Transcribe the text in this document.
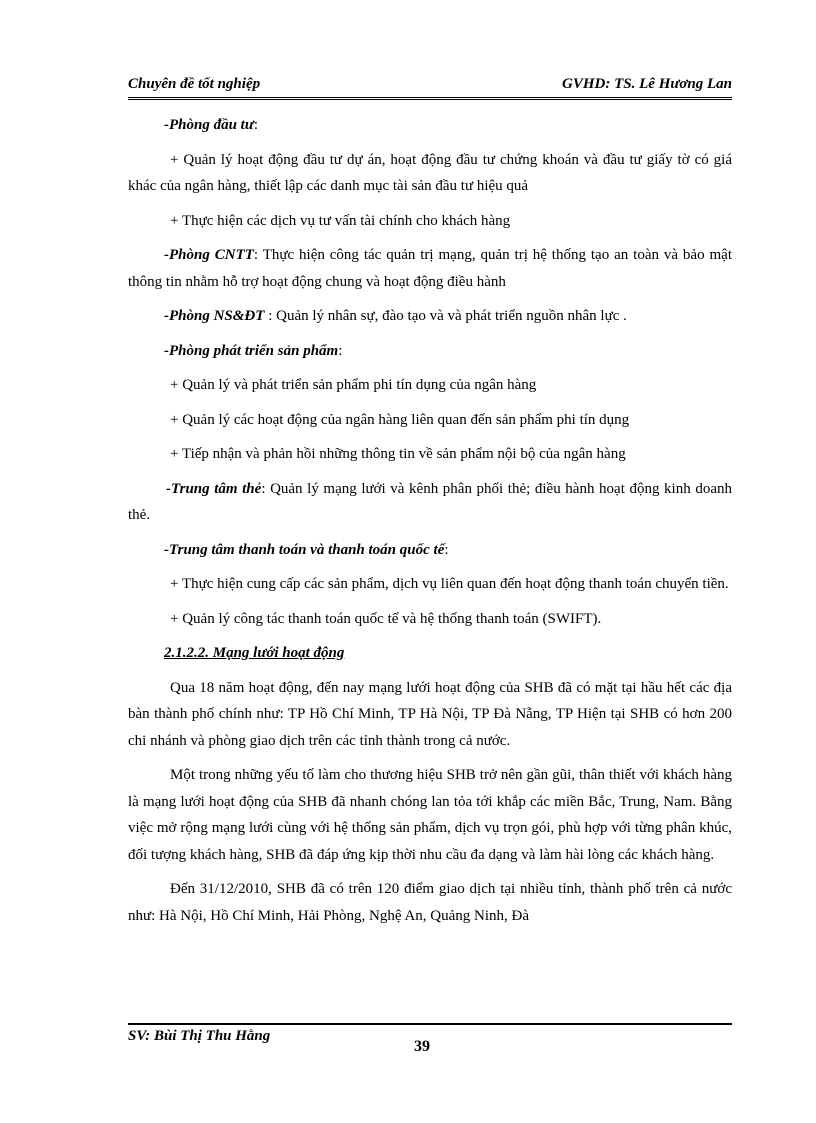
Chuyên đề tốt nghiệp	GVHD: TS. Lê Hương Lan

-Phòng đầu tư:

+ Quản lý hoạt động đầu tư dự án, hoạt động đầu tư chứng khoán và đầu tư giấy tờ có giá khác của ngân hàng, thiết lập các danh mục tài sản đầu tư hiệu quả

+ Thực hiện các dịch vụ tư vấn tài chính cho khách hàng

-Phòng CNTT: Thực hiện công tác quản trị mạng, quản trị hệ thống tạo an toàn và bảo mật thông tin nhằm hỗ trợ hoạt động chung và hoạt động điều hành

-Phòng NS&ĐT : Quản lý nhân sự, đào tạo và và phát triển nguồn nhân lực .

-Phòng phát triển sản phẩm:

+ Quản lý và phát triển sản phẩm phi tín dụng của ngân hàng

+ Quản lý các hoạt động của ngân hàng liên quan đến sản phẩm phi tín dụng

+ Tiếp nhận và phản hồi những thông tin về sản phẩm nội bộ của ngân hàng

-Trung tâm thẻ: Quản lý mạng lưới và kênh phân phối thẻ; điều hành hoạt động kinh doanh thẻ.

-Trung tâm thanh toán và thanh toán quốc tế:

+ Thực hiện cung cấp các sản phẩm, dịch vụ liên quan đến hoạt động thanh toán chuyển tiền.

+ Quản lý công tác thanh toán quốc tế và hệ thống thanh toán (SWIFT).

2.1.2.2. Mạng lưới hoạt động

Qua 18 năm hoạt động, đến nay mạng lưới hoạt động của SHB đã có mặt tại hầu hết các địa bàn thành phố chính như: TP Hồ Chí Minh, TP Hà Nội, TP Đà Nẵng, TP Hiện tại SHB có hơn 200 chi nhánh và phòng giao dịch trên các tỉnh thành trong cả nước.

Một trong những yếu tố làm cho thương hiệu SHB trở nên gần gũi, thân thiết với khách hàng là mạng lưới hoạt động của SHB đã nhanh chóng lan tỏa tới khắp các miền Bắc, Trung, Nam. Bằng việc mở rộng mạng lưới cùng với hệ thống sản phẩm, dịch vụ trọn gói, phù hợp với từng phân khúc, đối tượng khách hàng, SHB đã đáp ứng kịp thời nhu cầu đa dạng và làm hài lòng các khách hàng.

Đến 31/12/2010, SHB đã có trên 120 điểm giao dịch tại nhiều tỉnh, thành phố trên cả nước như: Hà Nội, Hồ Chí Minh, Hải Phòng, Nghệ An, Quảng Ninh, Đà

SV: Bùi Thị Thu Hằng
39
